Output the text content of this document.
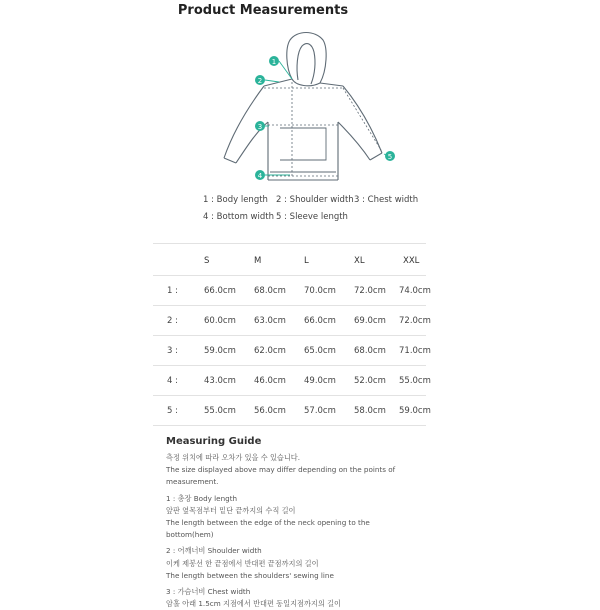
Product Measurements
1
2
3
4
5
1 : Body length 2 : Shoulder width 3 : Chest width
4 : Bottom width 5 : Sleeve length
S	M	L	XL	XXL
1 :	66.0cm 68.0cm 70.0cm 72.0cm 74.0cm
2 :	60.0cm 63.0cm 66.0cm 69.0cm 72.0cm
3 :	59.0cm 62.0cm 65.0cm 68.0cm 71.0cm
4 :	43.0cm 46.0cm 49.0cm 52.0cm 55.0cm
5 :	55.0cm 56.0cm 57.0cm 58.0cm 59.0cm
Measuring Guide
측정 위치에 따라 오차가 있을 수 있습니다.
The size displayed above may differ depending on the points of
measurement.
1 : 총장 Body length
앞판 옆목점부터 밑단 끝까지의 수직 길이
The length between the edge of the neck opening to the
bottom(hem)
2 : 어깨너비 Shoulder width
이케 제봉선 한 끝점에서 반대편 끝점까지의 길이
The length between the shoulders' sewing line
3 : 가슴너비 Chest width
암홀 아래 1.5cm 지점에서 반대편 동일지점까지의 길이
